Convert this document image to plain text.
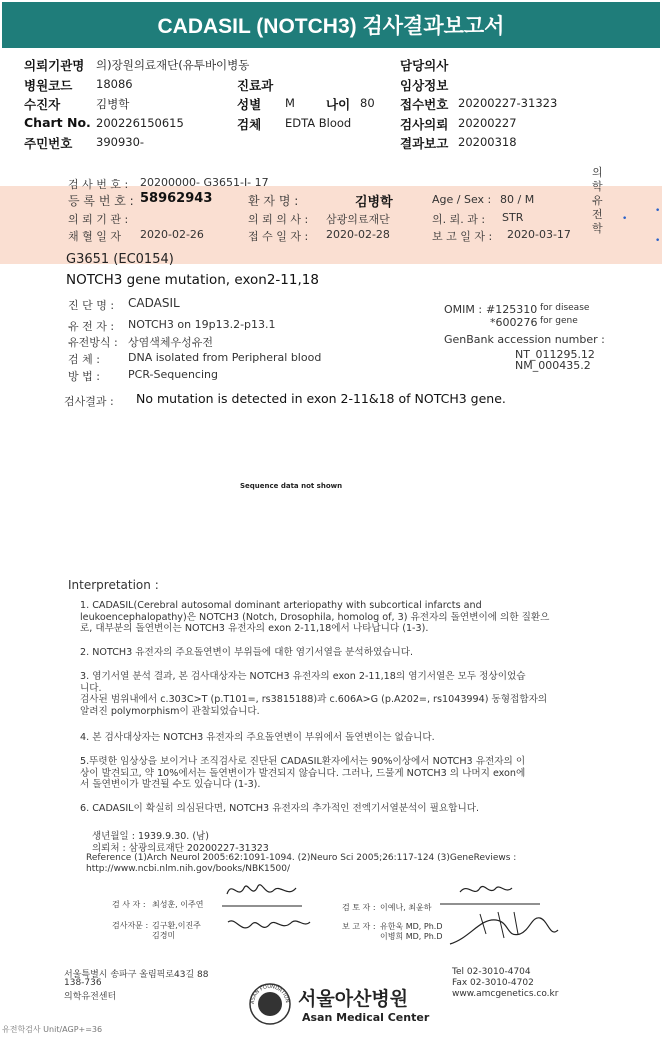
CADASIL (NOTCH3) 검사결과보고서
의뢰기관명 의)장원의료재단(유투바이병동	담당의사
병원코드 18086	진료과	임상정보
수진자	김병학	성별 M 나이 80 접수번호 20200227-31323
Chart No. 200226150615	검체 EDTA Blood	검사의뢰 20200227
주민번호 390930-	결과보고 20200318
검 사 번 호 : 20200000- G3651-I- 17
등 록 번 호 : 58962943	환 자 명 :	김병학	Age / Sex : 80 / M
의 뢰 기 관 :	의 뢰 의 사 : 삼광의료재단	의. 뢰. 과 : STR
채 혈 일 자 2020-02-26	접 수 일 자 : 2020-02-28	보 고 일 자 : 2020-03-17
의학유전학
•
•
•
G3651 (EC0154)
NOTCH3 gene mutation, exon2-11,18
진 단 명 : CADASIL
유 전 자 : NOTCH3 on 19p13.2-p13.1
유전방식 : 상염색체우성유전
검 체 :	DNA isolated from Peripheral blood
방 법 :	PCR-Sequencing
OMIM : #125310 for disease
*600276 for gene
GenBank accession number :
NT_011295.12
NM_000435.2
검사결과 : No mutation is detected in exon 2-11&18 of NOTCH3 gene.
Sequence data not shown
Interpretation :
1. CADASIL(Cerebral autosomal dominant arteriopathy with subcortical infarcts and
leukoencephalopathy)은 NOTCH3 (Notch, Drosophila, homolog of, 3) 유전자의 돌연변이에 의한 질환으
로, 대부분의 돌연변이는 NOTCH3 유전자의 exon 2-11,18에서 나타납니다 (1-3).
2. NOTCH3 유전자의 주요돌연변이 부위들에 대한 염기서열을 분석하였습니다.
3. 염기서열 분석 결과, 본 검사대상자는 NOTCH3 유전자의 exon 2-11,18의 염기서열은 모두 정상이었습
니다.
검사된 범위내에서 c.303C>T (p.T101=, rs3815188)과 c.606A>G (p.A202=, rs1043994) 동형접합자의
알려진 polymorphism이 관찰되었습니다.
4. 본 검사대상자는 NOTCH3 유전자의 주요돌연변이 부위에서 돌연변이는 없습니다.
5.뚜렷한 임상상을 보이거나 조직검사로 진단된 CADASIL환자에서는 90%이상에서 NOTCH3 유전자의 이
상이 발견되고, 약 10%에서는 돌연변이가 발견되지 않습니다. 그러나, 드물게 NOTCH3 의 나머지 exon에
서 돌연변이가 발견될 수도 있습니다 (1-3).
6. CADASIL이 확실히 의심된다면, NOTCH3 유전자의 추가적인 전엑기서열분석이 필요합니다.
생년월일 : 1939.9.30. (남)
의뢰처 : 삼광의료재단 20200227-31323
Reference (1)Arch Neurol 2005:62:1091-1094. (2)Neuro Sci 2005;26:117-124 (3)GeneReviews :
http://www.ncbi.nlm.nih.gov/books/NBK1500/
검 사 자 : 최성훈, 이주연
검사자문 : 김구환,이진주
김경미
검 토 자 : 이예나, 최윤하
보 고 자 : 유한욱 MD, Ph.D
이병희 MD, Ph.D
서울특별시 송파구 올림픽로43길 88
138-736
의학유전센터
Tel 02-3010-4704
Fax 02-3010-4702
www.amcgenetics.co.kr
유전학검사 Unit/AGP+=36
ASAN FOUNDATION 서울아산병원
Asan Medical Center
